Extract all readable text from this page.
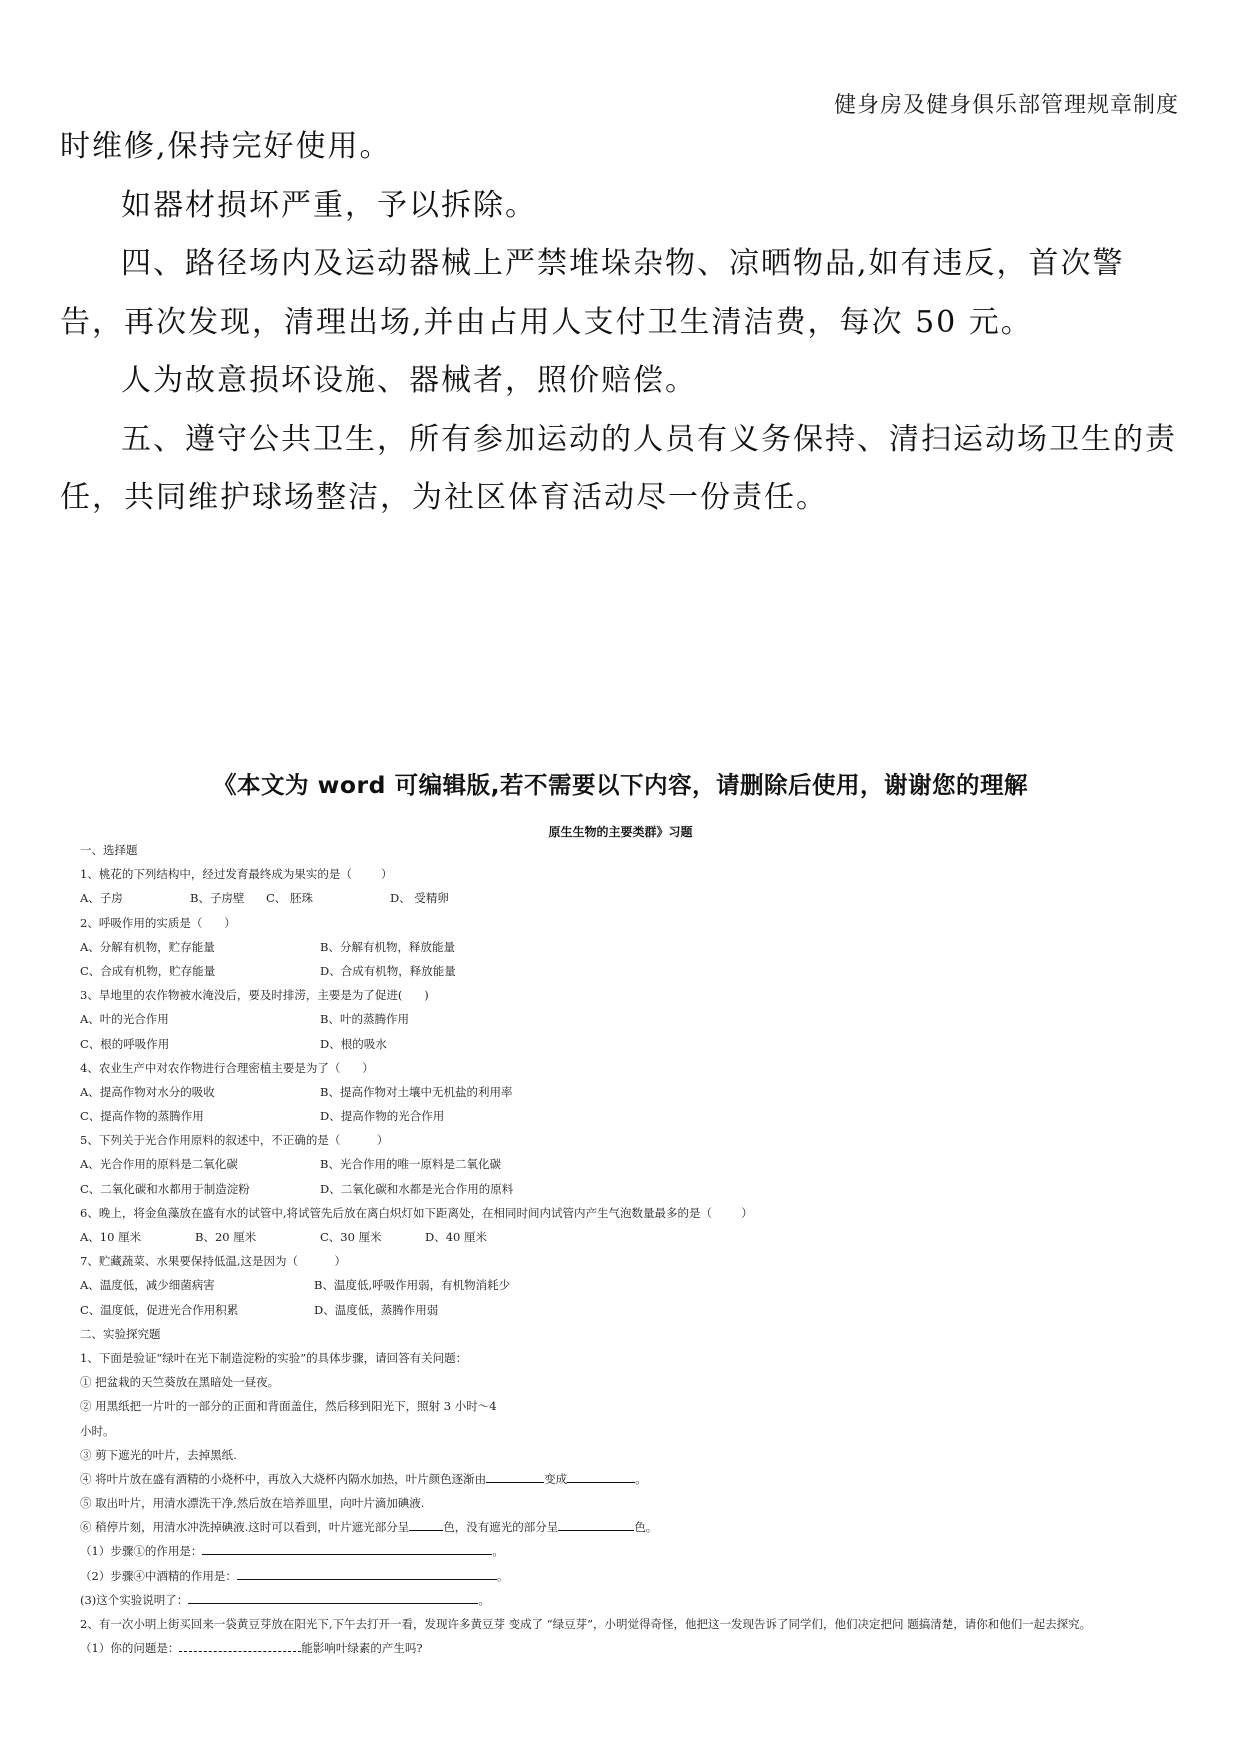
健身房及健身俱乐部管理规章制度

时维修,保持完好使用。

如器材损坏严重，予以拆除。

四、路径场内及运动器械上严禁堆垛杂物、凉晒物品,如有违反，首次警告，再次发现，清理出场,并由占用人支付卫生清洁费，每次 50 元。

人为故意损坏设施、器械者，照价赔偿。

五、遵守公共卫生，所有参加运动的人员有义务保持、清扫运动场卫生的责任，共同维护球场整洁，为社区体育活动尽一份责任。

《本文为 word 可编辑版,若不需要以下内容，请删除后使用，谢谢您的理解
原生生物的主要类群》习题
一、选择题
1、桃花的下列结构中，经过发育最终成为果实的是（        ）

A、子房

	B、子房壁

C、 胚珠

	D、 受精卵

2、呼吸作用的实质是（      ）

A、分解有机物，贮存能量

	B、分解有机物，释放能量

C、合成有机物，贮存能量

	D、合成有机物，释放能量

3、旱地里的农作物被水淹没后，要及时排涝，主要是为了促进(      )

A、叶的光合作用

	B、叶的蒸腾作用

C、根的呼吸作用

	D、根的吸水

4、农业生产中对农作物进行合理密植主要是为了（      ）

A、提高作物对水分的吸收

	B、提高作物对土壤中无机盐的利用率

C、提高作物的蒸腾作用

	D、提高作物的光合作用

5、下列关于光合作用原料的叙述中，不正确的是（          ）

A、光合作用的原料是二氧化碳

	B、光合作用的唯一原料是二氧化碳

C、二氧化碳和水都用于制造淀粉

	D、二氧化碳和水都是光合作用的原料

6、晚上，将金鱼藻放在盛有水的试管中,将试管先后放在离白炽灯如下距离处，在相同时间内试管内产生气泡数量最多的是（        ）

A、10 厘米

	B、20 厘米

	C、30 厘米

	D、40 厘米

7、贮藏蔬菜、水果要保持低温,这是因为（          ）

A、温度低，减少细菌病害

	B、温度低,呼吸作用弱，有机物消耗少

C、温度低，促进光合作用积累

	D、温度低，蒸腾作用弱

二、实验探究题
1、下面是验证“绿叶在光下制造淀粉的实验”的具体步骤，请回答有关问题：
① 把盆栽的天竺葵放在黑暗处一昼夜。
② 用黑纸把一片叶的一部分的正面和背面盖住，然后移到阳光下，照射 3 小时～4
小时。
③ 剪下遮光的叶片，去掉黑纸.
④ 将叶片放在盛有酒精的小烧杯中，再放入大烧杯内隔水加热，叶片颜色逐渐由	变成	。
⑤ 取出叶片，用清水漂洗干净,然后放在培养皿里，向叶片滴加碘液.
⑥ 稍停片刻，用清水冲洗掉碘液.这时可以看到，叶片遮光部分呈	色，没有遮光的部分呈	色。
（1）步骤①的作用是：	。
（2）步骤④中酒精的作用是：	。
(3)这个实验说明了：	。
2、有一次小明上街买回来一袋黄豆芽放在阳光下,下午去打开一看，发现许多黄豆芽 变成了 “绿豆芽”，小明觉得奇怪，他把这一发现告诉了同学们，他们决定把问 题搞清楚，请你和他们一起去探究。
（1）你的问题是：	能影响叶绿素的产生吗?
